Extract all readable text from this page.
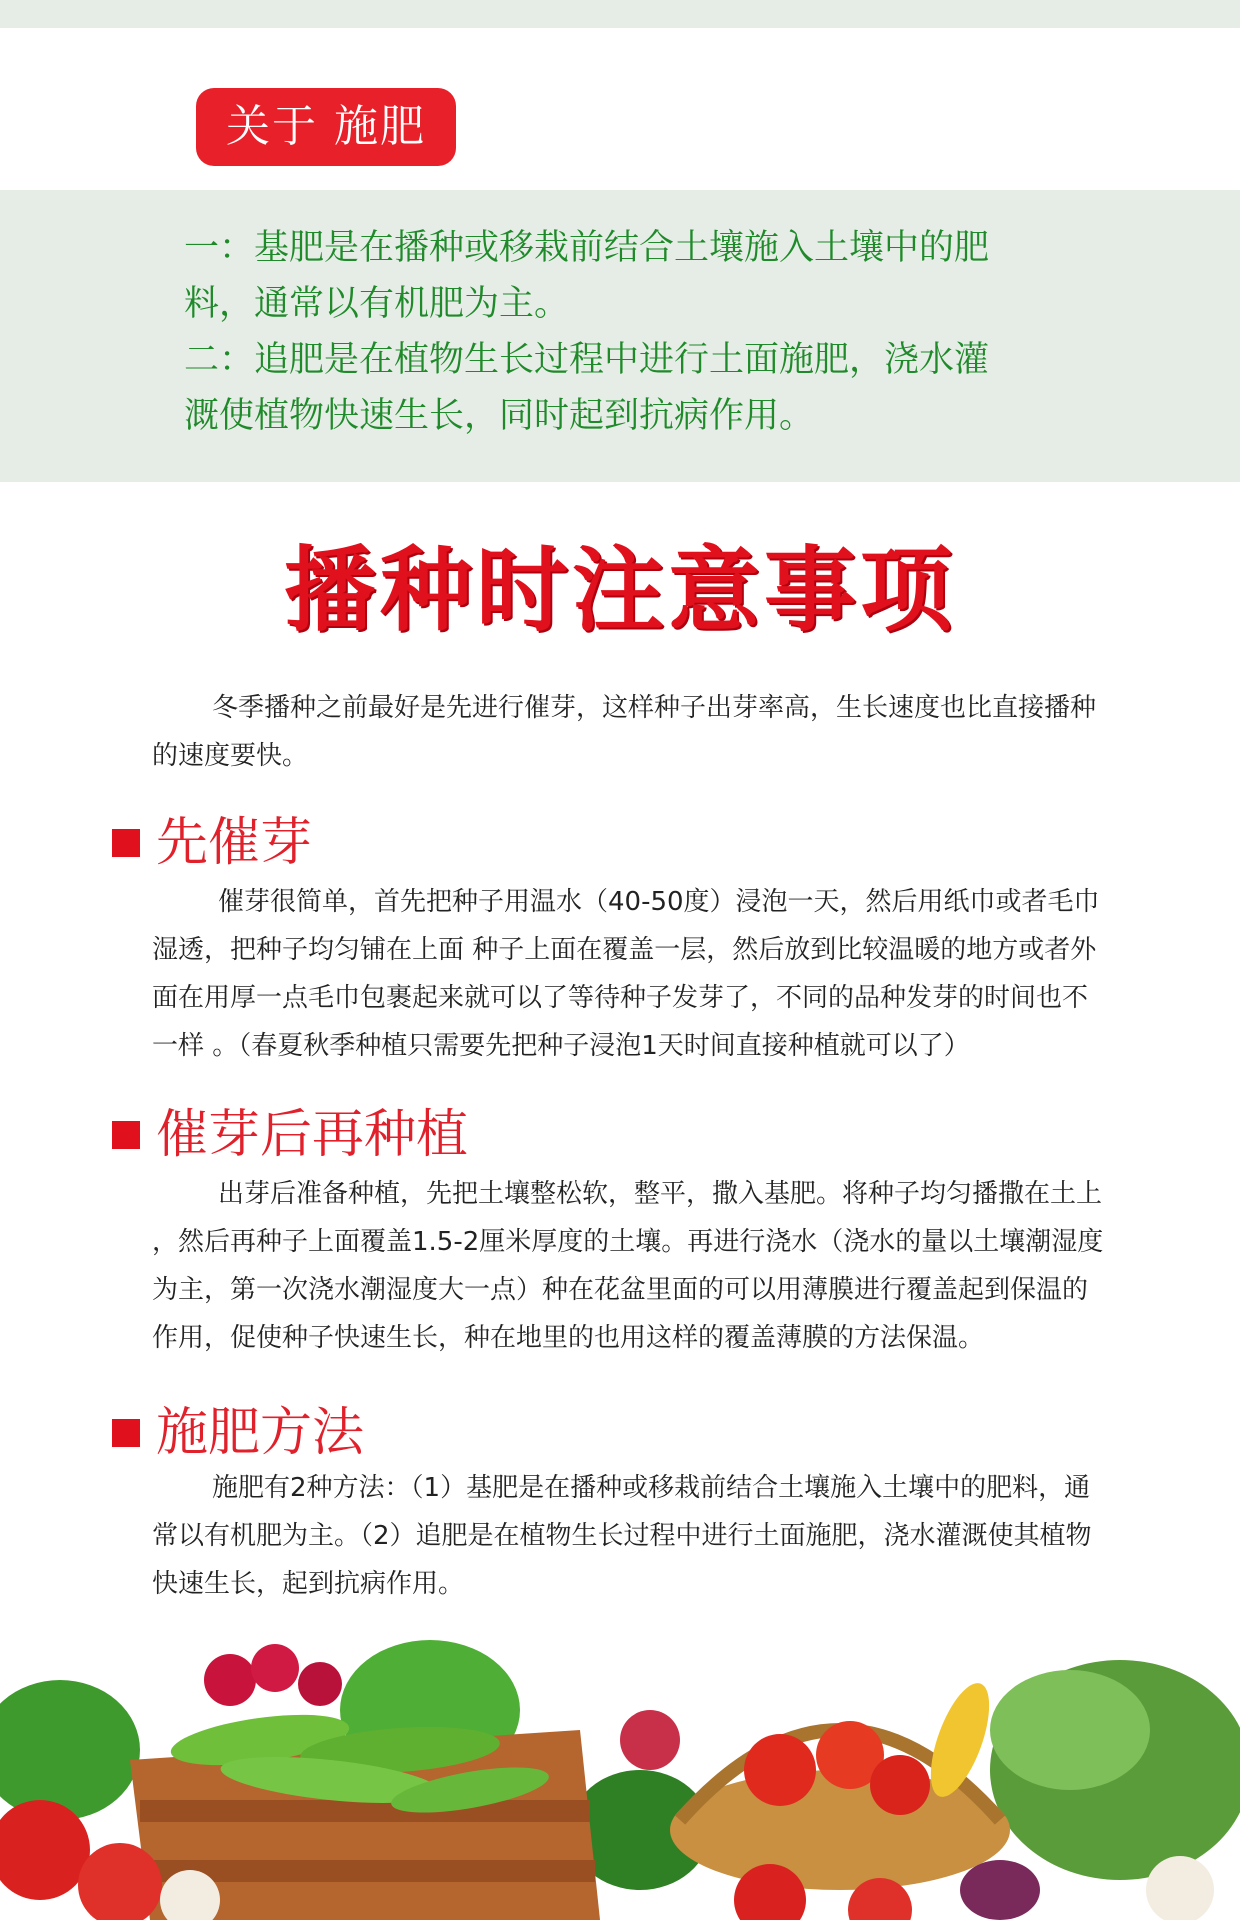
关于 施肥
一：基肥是在播种或移栽前结合土壤施入土壤中的肥
料，通常以有机肥为主。
二：追肥是在植物生长过程中进行土面施肥，浇水灌
溉使植物快速生长，同时起到抗病作用。
播种时注意事项
冬季播种之前最好是先进行催芽，这样种子出芽率高，生长速度也比直接播种
的速度要快。
先催芽
催芽很简单，首先把种子用温水（40-50度）浸泡一天，然后用纸巾或者毛巾
湿透，把种子均匀铺在上面 种子上面在覆盖一层，然后放到比较温暖的地方或者外
面在用厚一点毛巾包裹起来就可以了等待种子发芽了，不同的品种发芽的时间也不
一样 。（春夏秋季种植只需要先把种子浸泡1天时间直接种植就可以了）
催芽后再种植
出芽后准备种植，先把土壤整松软，整平，撒入基肥。将种子均匀播撒在土上
，然后再种子上面覆盖1.5-2厘米厚度的土壤。再进行浇水（浇水的量以土壤潮湿度
为主，第一次浇水潮湿度大一点）种在花盆里面的可以用薄膜进行覆盖起到保温的
作用，促使种子快速生长，种在地里的也用这样的覆盖薄膜的方法保温。
施肥方法
施肥有2种方法：（1）基肥是在播种或移栽前结合土壤施入土壤中的肥料，通
常以有机肥为主。（2）追肥是在植物生长过程中进行土面施肥，浇水灌溉使其植物
快速生长，起到抗病作用。
